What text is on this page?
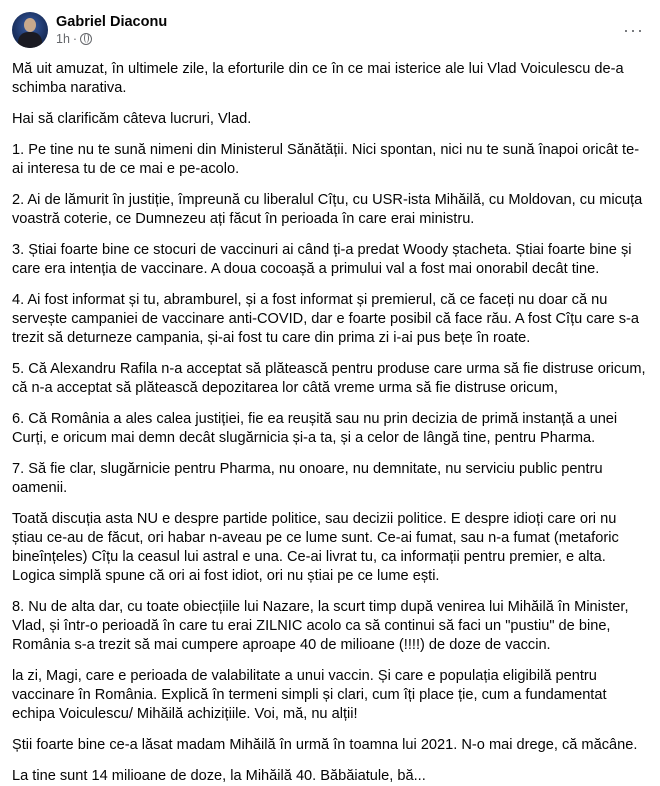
Gabriel Diaconu
1h ·	···

Mă uit amuzat, în ultimele zile, la eforturile din ce în ce mai isterice ale lui Vlad Voiculescu de-a schimba narativa.

Hai să clarificăm câteva lucruri, Vlad.

1. Pe tine nu te sună nimeni din Ministerul Sănătății. Nici spontan, nici nu te sună înapoi oricât te-ai interesa tu de ce mai e pe-acolo.

2. Ai de lămurit în justiție, împreună cu liberalul Cîțu, cu USR-ista Mihăilă, cu Moldovan, cu micuța voastră coterie, ce Dumnezeu ați făcut în perioada în care erai ministru.

3. Știai foarte bine ce stocuri de vaccinuri ai când ți-a predat Woody ștacheta. Știai foarte bine și care era intenția de vaccinare. A doua cocoașă a primului val a fost mai onorabil decât tine.

4. Ai fost informat și tu, abramburel, și a fost informat și premierul, că ce faceți nu doar că nu servește campaniei de vaccinare anti-COVID, dar e foarte posibil că face rău. A fost Cîțu care s-a trezit să deturneze campania, și-ai fost tu care din prima zi i-ai pus bețe în roate.

5. Că Alexandru Rafila n-a acceptat să plătească pentru produse care urma să fie distruse oricum, că n-a acceptat să plătească depozitarea lor câtă vreme urma să fie distruse oricum,

6. Că România a ales calea justiției, fie ea reușită sau nu prin decizia de primă instanță a unei Curți, e oricum mai demn decât slugărnicia și-a ta, și a celor de lângă tine, pentru Pharma.

7. Să fie clar, slugărnicie pentru Pharma, nu onoare, nu demnitate, nu serviciu public pentru oamenii.

Toată discuția asta NU e despre partide politice, sau decizii politice. E despre idioți care ori nu știau ce-au de făcut, ori habar n-aveau pe ce lume sunt. Ce-ai fumat, sau n-a fumat (metaforic bineînțeles) Cîțu la ceasul lui astral e una. Ce-ai livrat tu, ca informații pentru premier, e alta. Logica simplă spune că ori ai fost idiot, ori nu știai pe ce lume ești.

8. Nu de alta dar, cu toate obiecțiile lui Nazare, la scurt timp după venirea lui Mihăilă în Minister, Vlad, și într-o perioadă în care tu erai ZILNIC acolo ca să continui să faci un "pustiu" de bine, România s-a trezit să mai cumpere aproape 40 de milioane (!!!!) de doze de vaccin.

la zi, Magi, care e perioada de valabilitate a unui vaccin. Și care e populația eligibilă pentru vaccinare în România. Explică în termeni simpli și clari, cum îți place ție, cum a fundamentat echipa Voiculescu/ Mihăilă achizițiile. Voi, mă, nu alții!

Știi foarte bine ce-a lăsat madam Mihăilă în urmă în toamna lui 2021. N-o mai drege, că măcâne.

La tine sunt 14 milioane de doze, la Mihăilă 40. Băbăiatule, bă...
